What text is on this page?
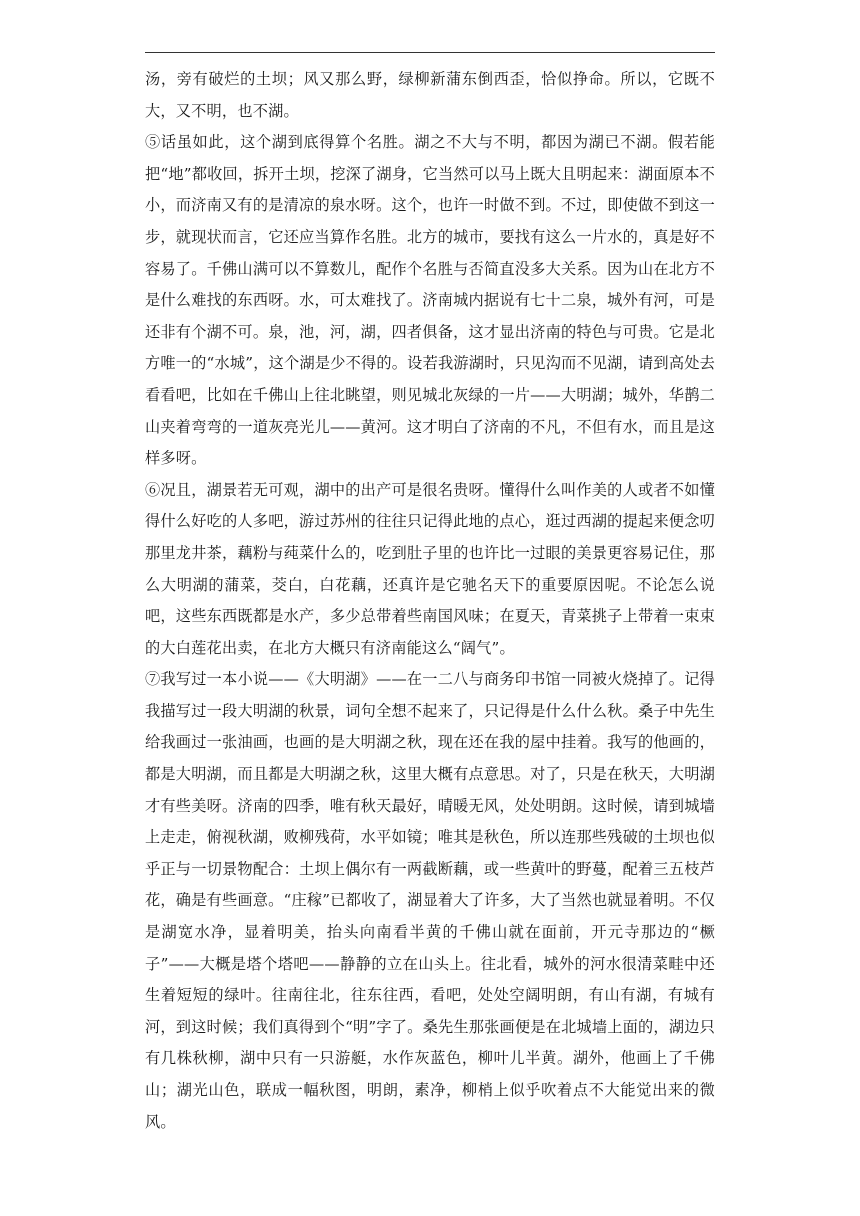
汤，旁有破烂的土坝；风又那么野，绿柳新蒲东倒西歪，恰似挣命。所以，它既不大，又不明，也不湖。

⑤话虽如此，这个湖到底得算个名胜。湖之不大与不明，都因为湖已不湖。假若能把“地”都收回，拆开土坝，挖深了湖身，它当然可以马上既大且明起来：湖面原本不小，而济南又有的是清凉的泉水呀。这个，也许一时做不到。不过，即使做不到这一步，就现状而言，它还应当算作名胜。北方的城市，要找有这么一片水的，真是好不容易了。千佛山满可以不算数儿，配作个名胜与否简直没多大关系。因为山在北方不是什么难找的东西呀。水，可太难找了。济南城内据说有七十二泉，城外有河，可是还非有个湖不可。泉，池，河，湖，四者俱备，这才显出济南的特色与可贵。它是北方唯一的“水城”，这个湖是少不得的。设若我游湖时，只见沟而不见湖，请到高处去看看吧，比如在千佛山上往北眺望，则见城北灰绿的一片——大明湖；城外，华鹊二山夹着弯弯的一道灰亮光儿——黄河。这才明白了济南的不凡，不但有水，而且是这样多呀。

⑥况且，湖景若无可观，湖中的出产可是很名贵呀。懂得什么叫作美的人或者不如懂得什么好吃的人多吧，游过苏州的往往只记得此地的点心，逛过西湖的提起来便念叨那里龙井茶，藕粉与莼菜什么的，吃到肚子里的也许比一过眼的美景更容易记住，那么大明湖的蒲菜，茭白，白花藕，还真许是它驰名天下的重要原因呢。不论怎么说吧，这些东西既都是水产，多少总带着些南国风味；在夏天，青菜挑子上带着一束束的大白莲花出卖，在北方大概只有济南能这么“阔气”。

⑦我写过一本小说——《大明湖》——在一二八与商务印书馆一同被火烧掉了。记得我描写过一段大明湖的秋景，词句全想不起来了，只记得是什么什么秋。桑子中先生给我画过一张油画，也画的是大明湖之秋，现在还在我的屋中挂着。我写的他画的，都是大明湖，而且都是大明湖之秋，这里大概有点意思。对了，只是在秋天，大明湖才有些美呀。济南的四季，唯有秋天最好，晴暖无风，处处明朗。这时候，请到城墙上走走，俯视秋湖，败柳残荷，水平如镜；唯其是秋色，所以连那些残破的土坝也似乎正与一切景物配合：土坝上偶尔有一两截断藕，或一些黄叶的野蔓，配着三五枝芦花，确是有些画意。“庄稼”已都收了，湖显着大了许多，大了当然也就显着明。不仅是湖宽水净，显着明美，抬头向南看半黄的千佛山就在面前，开元寺那边的“橛子”——大概是塔个塔吧——静静的立在山头上。往北看，城外的河水很清菜畦中还生着短短的绿叶。往南往北，往东往西，看吧，处处空阔明朗，有山有湖，有城有河，到这时候；我们真得到个“明”字了。桑先生那张画便是在北城墙上面的，湖边只有几株秋柳，湖中只有一只游艇，水作灰蓝色，柳叶儿半黄。湖外，他画上了千佛山；湖光山色，联成一幅秋图，明朗，素净，柳梢上似乎吹着点不大能觉出来的微风。
